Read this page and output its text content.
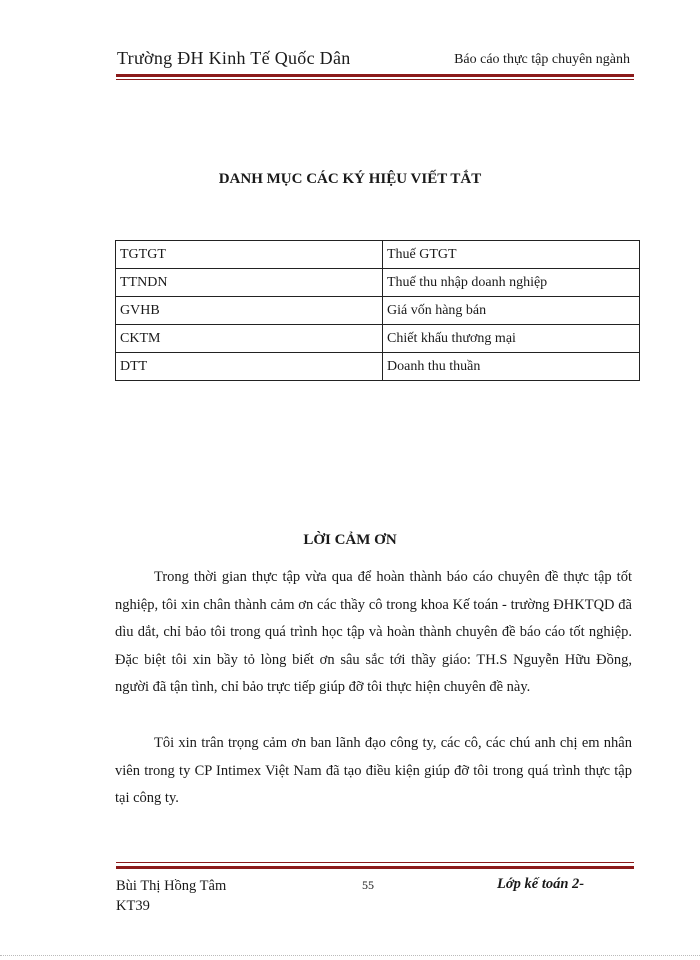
Trường ĐH Kinh Tế Quốc Dân	Báo cáo thực tập chuyên ngành
DANH MỤC CÁC KÝ HIỆU VIẾT TẮT
TGTGT	Thuế GTGT
TTNDN	Thuế thu nhập doanh nghiệp
GVHB	Giá vốn hàng bán
CKTM	Chiết khấu thương mại
DTT	Doanh thu thuần
LỜI CẢM ƠN

Trong thời gian thực tập vừa qua để hoàn thành báo cáo chuyên đề thực tập tốt nghiệp, tôi xin chân thành cảm ơn các thầy cô trong khoa Kế toán - trường ĐHKTQD đã dìu dắt, chỉ bảo tôi trong quá trình học tập và hoàn thành chuyên đề báo cáo tốt nghiệp. Đặc biệt tôi xin bầy tỏ lòng biết ơn sâu sắc tới thầy giáo: TH.S Nguyễn Hữu Đồng, người đã tận tình, chỉ bảo trực tiếp giúp đỡ tôi thực hiện chuyên đề này.

Tôi xin trân trọng cảm ơn ban lãnh đạo công ty, các cô, các chú anh chị em nhân viên trong ty CP Intimex Việt Nam đã tạo điều kiện giúp đỡ tôi trong quá trình thực tập tại công ty.

Bùi Thị Hồng Tâm
KT39
55	Lớp kế toán 2-
